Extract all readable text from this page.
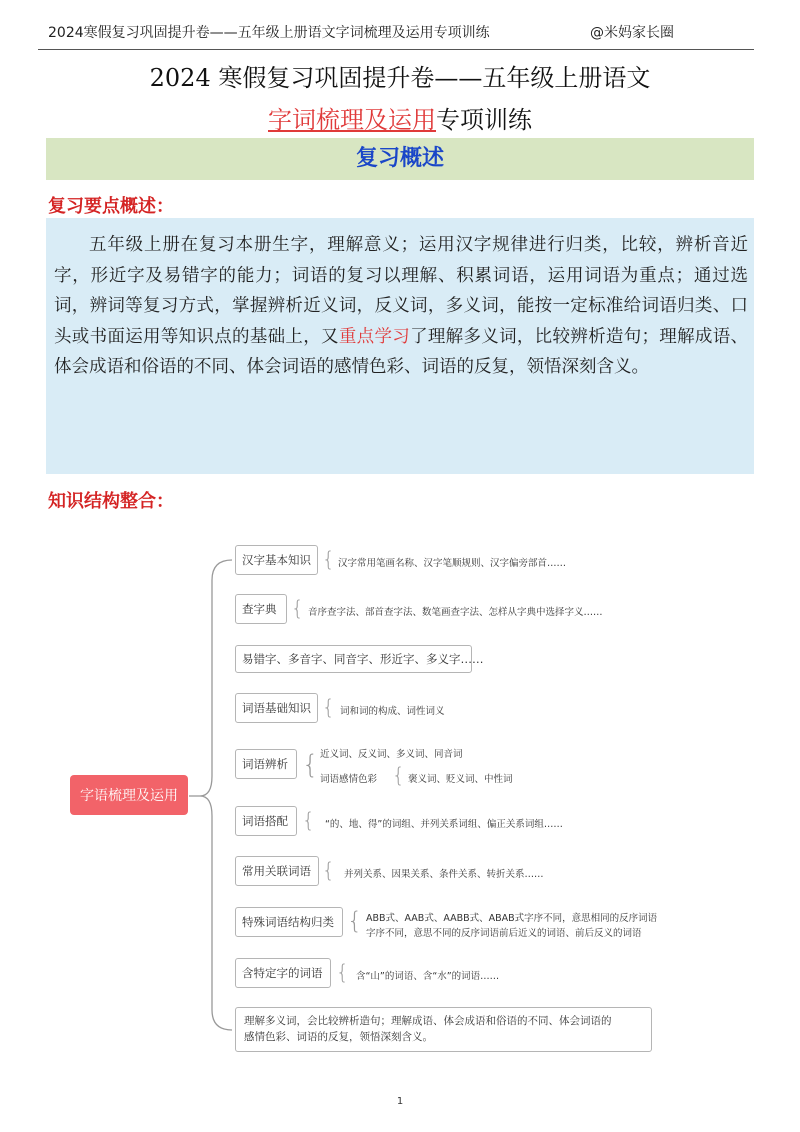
2024寒假复习巩固提升卷——五年级上册语文字词梳理及运用专项训练	@米妈家长圈
2024 寒假复习巩固提升卷——五年级上册语文
字词梳理及运用专项训练
复习概述
复习要点概述：

五年级上册在复习本册生字，理解意义；运用汉字规律进行归类，比较，辨析音近字，形近字及易错字的能力；词语的复习以理解、积累词语，运用词语为重点；通过选词，辨词等复习方式，掌握辨析近义词，反义词，多义词，能按一定标准给词语归类、口头或书面运用等知识点的基础上，又重点学习了理解多义词，比较辨析造句；理解成语、体会成语和俗语的不同、体会词语的感情色彩、词语的反复，领悟深刻含义。

知识结构整合：
字语梳理及运用
汉字基本知识 { 汉字常用笔画名称、汉字笔顺规则、汉字偏旁部首……
查字典 { 音序查字法、部首查字法、数笔画查字法、怎样从字典中选择字义……
易错字、多音字、同音字、形近字、多义字……
词语基础知识 { 词和词的构成、词性词义
词语辨析 { 近义词、反义词、多义词、同音词
词语感情色彩 { 褒义词、贬义词、中性词
词语搭配 { “的、地、得”的词组、并列关系词组、偏正关系词组……
常用关联词语 { 并列关系、因果关系、条件关系、转折关系……
特殊词语结构归类 { ABB式、AAB式、AABB式、ABAB式字序不同，意思相同的反序词语
字序不同，意思不同的反序词语前后近义的词语、前后反义的词语
含特定字的词语 { 含“山”的词语、含“水”的词语……
理解多义词，会比较辨析造句；理解成语、体会成语和俗语的不同、体会词语的
感情色彩、词语的反复，领悟深刻含义。
1
